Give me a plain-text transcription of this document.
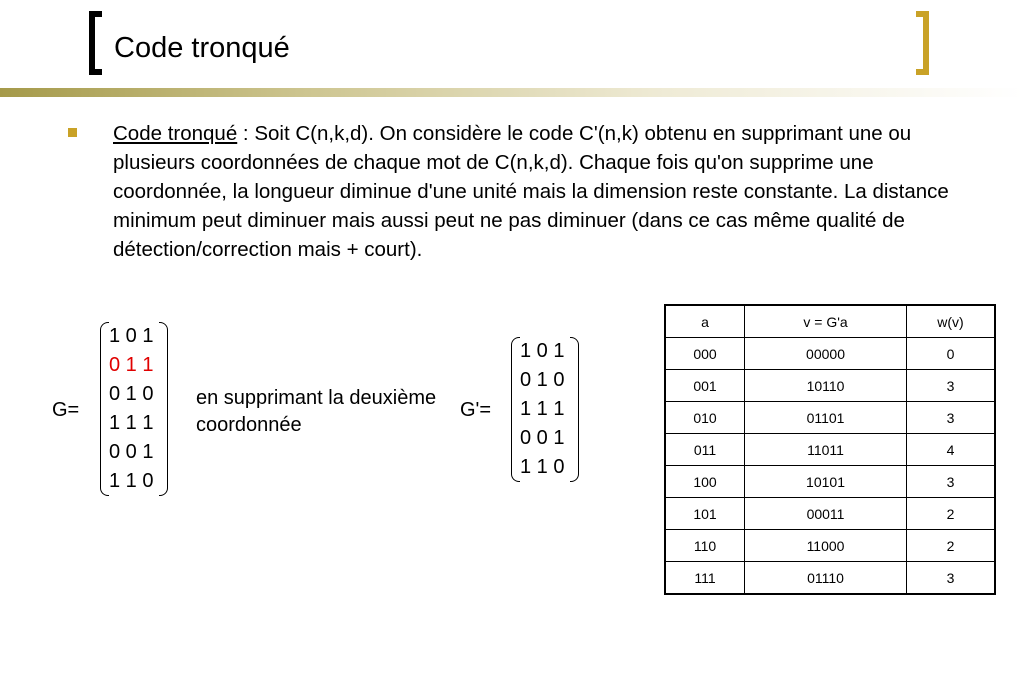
Code tronqué
Code tronqué : Soit C(n,k,d). On considère le code C'(n,k) obtenu en supprimant une ou plusieurs coordonnées de chaque mot de C(n,k,d). Chaque fois qu'on supprime une coordonnée, la longueur diminue d'une unité mais la dimension reste constante. La distance minimum peut diminuer mais aussi peut ne pas diminuer (dans ce cas même qualité de détection/correction mais + court).
G=
1 0 1
0 1 1
0 1 0
1 1 1
0 0 1
1 1 0
en supprimant la deuxième coordonnée
G'=
1 0 1
0 1 0
1 1 1
0 0 1
1 1 0
a	v = G'a	w(v)
000	00000	0
001	10110	3
010	01101	3
011	11011	4
100	10101	3
101	00011	2
110	11000	2
111	01110	3
